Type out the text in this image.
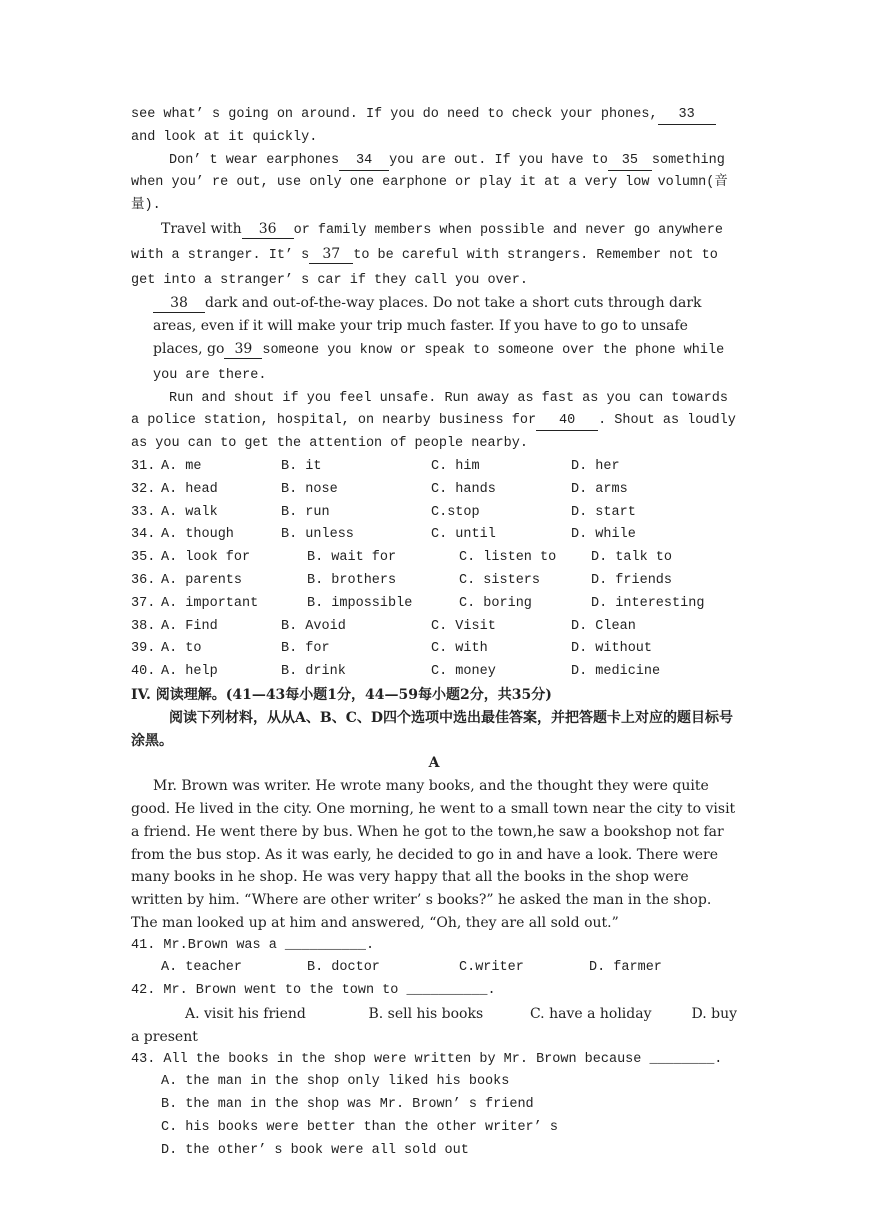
see what’ s going on around. If you do need to check your phones, 33and look at it quickly.

Don’ t wear earphones 34 you are out. If you have to 35 something when you’ re out, use only one earphone or play it at a very low volumn(音量).

Travel with 36 or family members when possible and never go anywhere with a stranger. It’ s 37 to be careful with strangers. Remember not to get into a stranger’ s car if they call you over.

38 dark and out-of-the-way places. Do not take a short cuts through dark areas, even if it will make your trip much faster. If you have to go to unsafe places, go 39 someone you know or speak to someone over the phone while you are there.

Run and shout if you feel unsafe. Run away as fast as you can towards a police station, hospital, on nearby business for 40 . Shout as loudly as you can to get the attention of people nearby.

31. A. me	B. it	C. him	D. her
32. A. head	B. nose	C. hands	D. arms
33. A. walk	B. run	C.stop	D. start
34. A. though	B. unless	C. until	D. while
35. A. look for	B. wait for	C. listen to	D. talk to
36. A. parents	B. brothers	C. sisters	D. friends
37. A. important	B. impossible	C. boring	D. interesting
38. A. Find	B. Avoid	C. Visit	D. Clean
39. A. to	B. for	C. with	D. without
40. A. help	B. drink	C. money	D. medicine

IV. 阅读理解。(41—43每小题1分，44—59每小题2分，共35分)

阅读下列材料，从从A、B、C、D四个选项中选出最佳答案，并把答题卡上对应的题目标号涂黑。

A

Mr. Brown was writer. He wrote many books, and the thought they were quite good. He lived in the city. One morning, he went to a small town near the city to visit a friend. He went there by bus. When he got to the town,he saw a bookshop not far from the bus stop. As it was early, he decided to go in and have a look. There were many books in he shop. He was very happy that all the books in the shop were written by him. “Where are other writer’ s books?” he asked the man in the shop. The man looked up at him and answered, “Oh, they are all sold out.”

41. Mr.Brown was a __________.

A. teacher	B. doctor	C.writer	D. farmer

42. Mr. Brown went to the town to __________.

A. visit his friend	B. sell his books	C. have a holiday	D. buy

a present

43. All the books in the shop were written by Mr. Brown because ________.

A. the man in the shop only liked his books

B. the man in the shop was Mr. Brown’ s friend

C. his books were better than the other writer’ s

D. the other’ s book were all sold out
